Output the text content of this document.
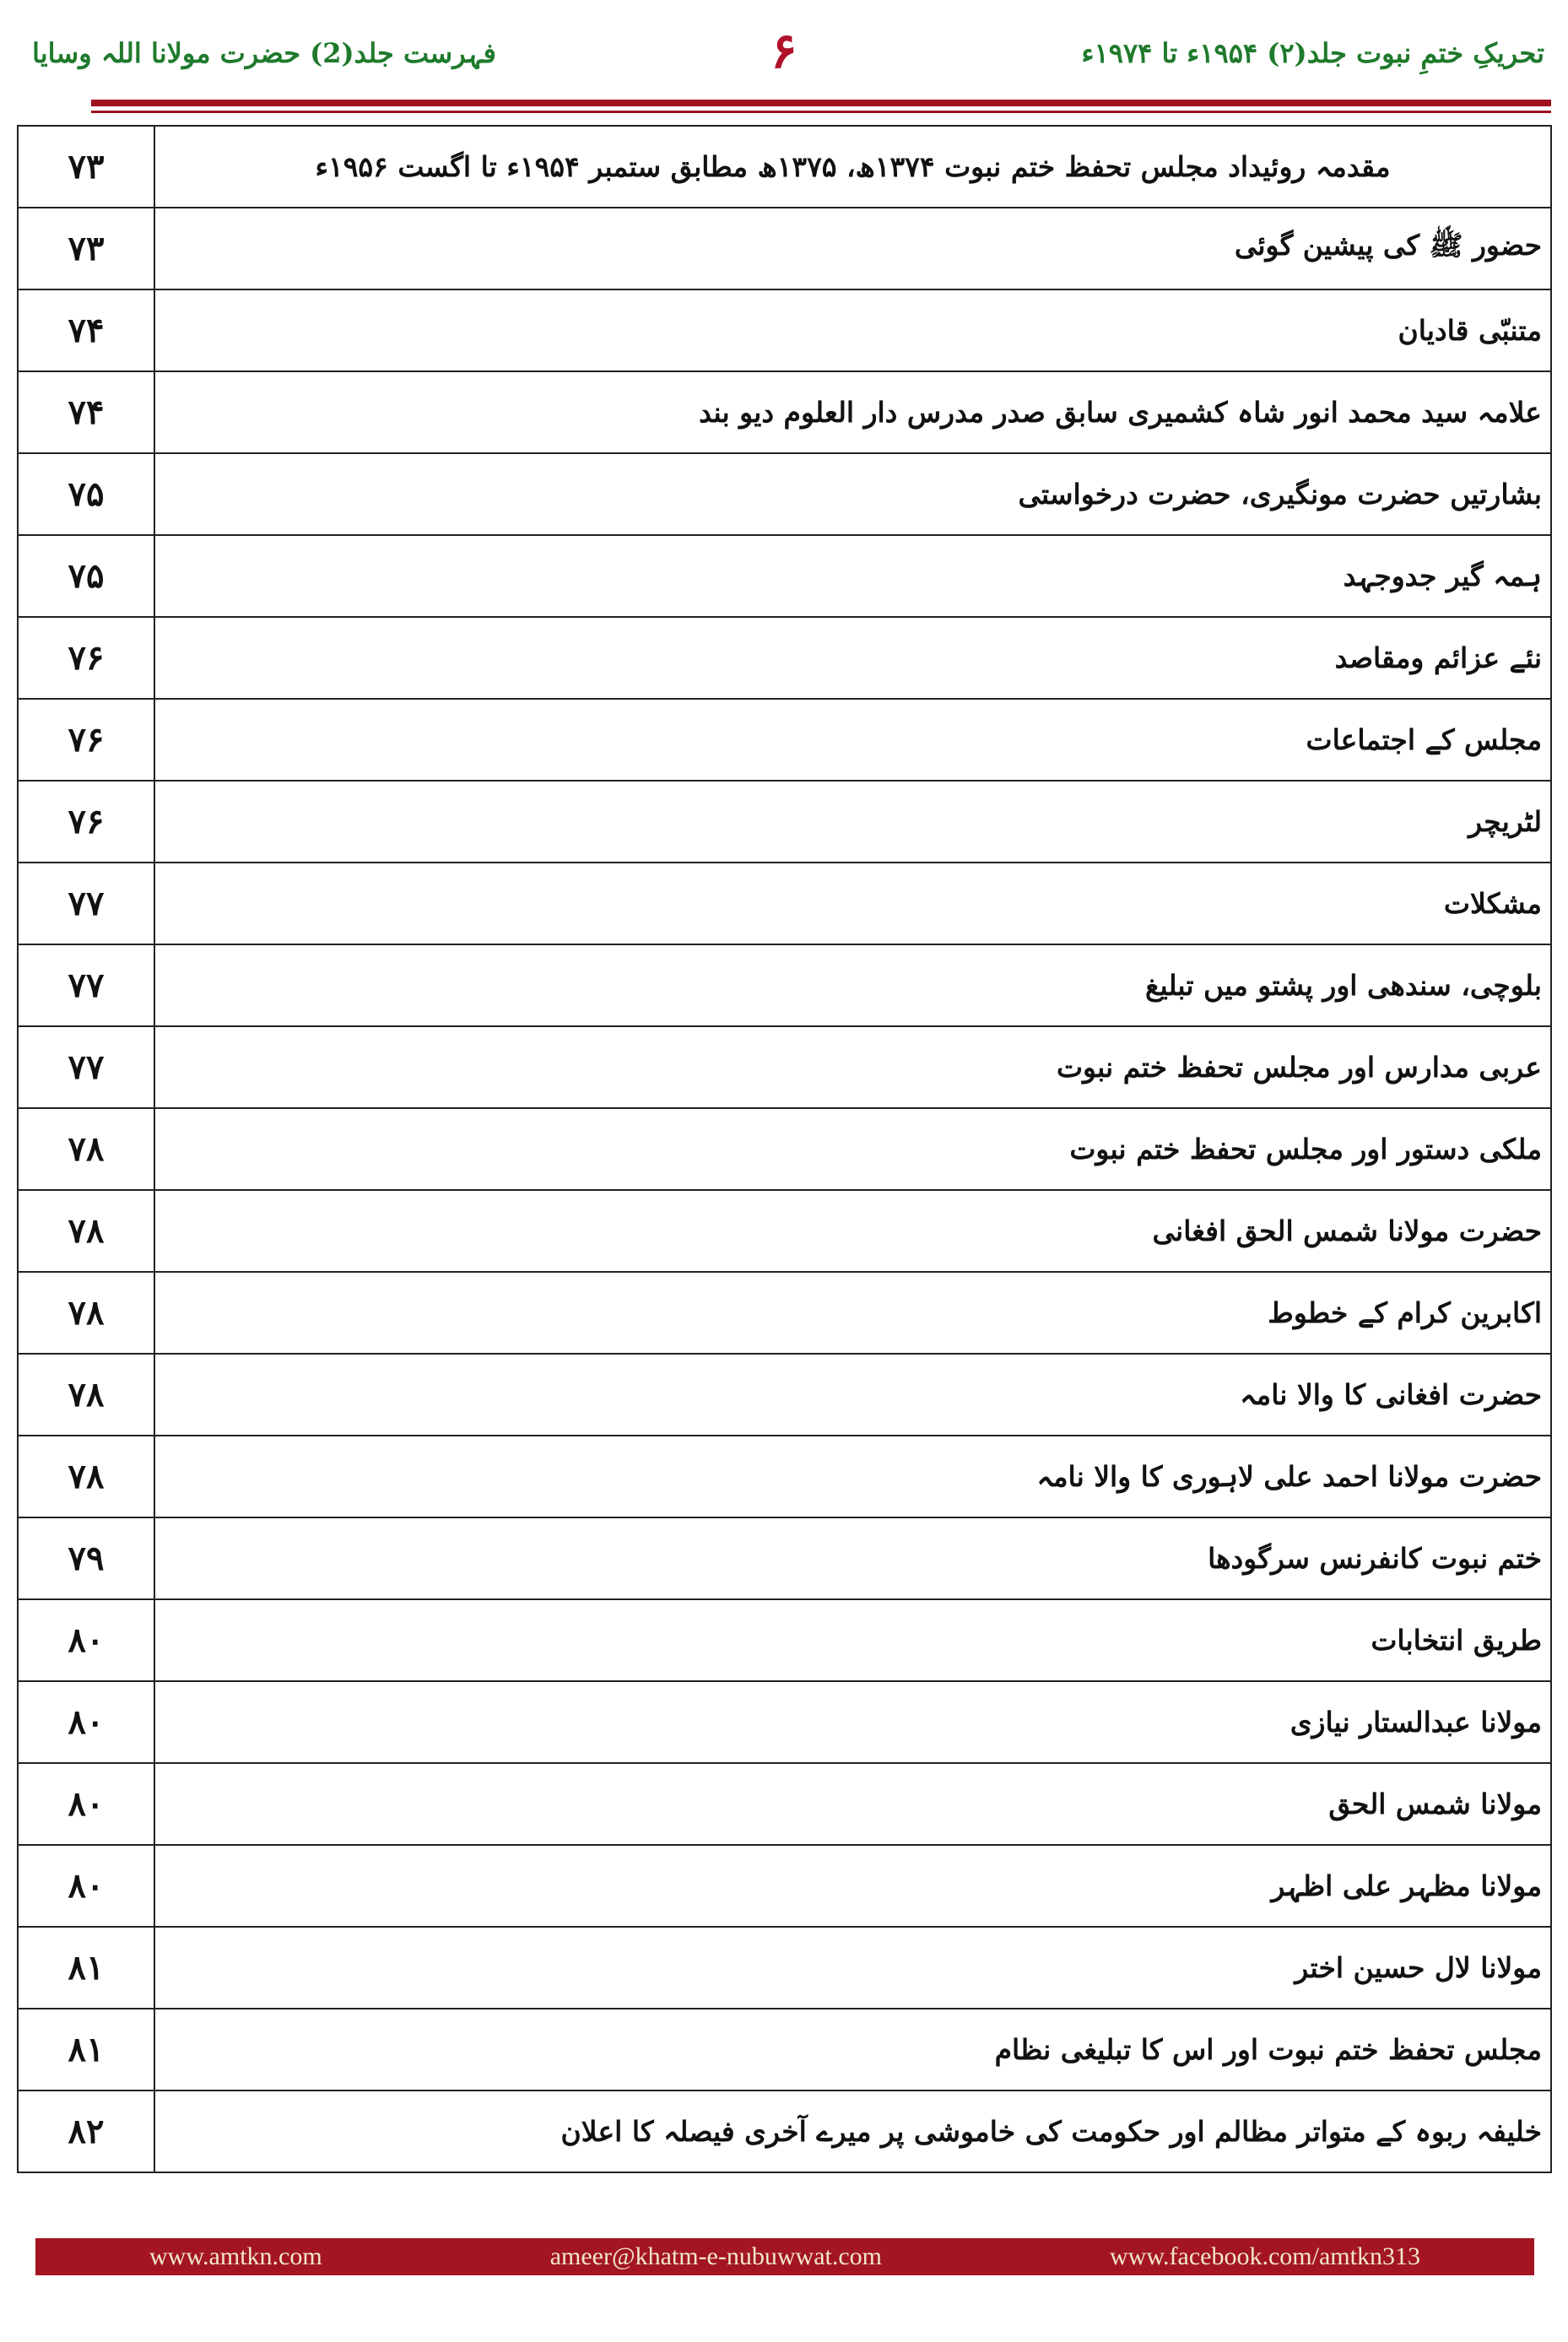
فہرست جلد(2) حضرت مولانا اللہ وسایا	۶	تحریکِ ختمِ نبوت جلد(۲) ۱۹۵۴ء تا ۱۹۷۴ء
۷۳	مقدمہ روئیداد مجلس تحفظ ختم نبوت ۱۳۷۴ھ، ۱۳۷۵ھ مطابق ستمبر ۱۹۵۴ء تا اگست ۱۹۵۶ء
۷۳	حضور ﷺ کی پیشین گوئی
۷۴	متنبّی قادیان
۷۴	علامہ سید محمد انور شاہ کشمیری سابق صدر مدرس دار العلوم دیو بند
۷۵	بشارتیں حضرت مونگیری، حضرت درخواستی
۷۵	ہمہ گیر جدوجہد
۷۶	نئے عزائم ومقاصد
۷۶	مجلس کے اجتماعات
۷۶	لٹریچر
۷۷	مشکلات
۷۷	بلوچی، سندھی اور پشتو میں تبلیغ
۷۷	عربی مدارس اور مجلس تحفظ ختم نبوت
۷۸	ملکی دستور اور مجلس تحفظ ختم نبوت
۷۸	حضرت مولانا شمس الحق افغانی
۷۸	اکابرین کرام کے خطوط
۷۸	حضرت افغانی کا والا نامہ
۷۸	حضرت مولانا احمد علی لاہوری کا والا نامہ
۷۹	ختم نبوت کانفرنس سرگودھا
۸۰	طریق انتخابات
۸۰	مولانا عبدالستار نیازی
۸۰	مولانا شمس الحق
۸۰	مولانا مظہر علی اظہر
۸۱	مولانا لال حسین اختر
۸۱	مجلس تحفظ ختم نبوت اور اس کا تبلیغی نظام
۸۲	خلیفہ ربوہ کے متواتر مظالم اور حکومت کی خاموشی پر میرے آخری فیصلہ کا اعلان
www.amtkn.com	ameer@khatm-e-nubuwwat.com	www.facebook.com/amtkn313
